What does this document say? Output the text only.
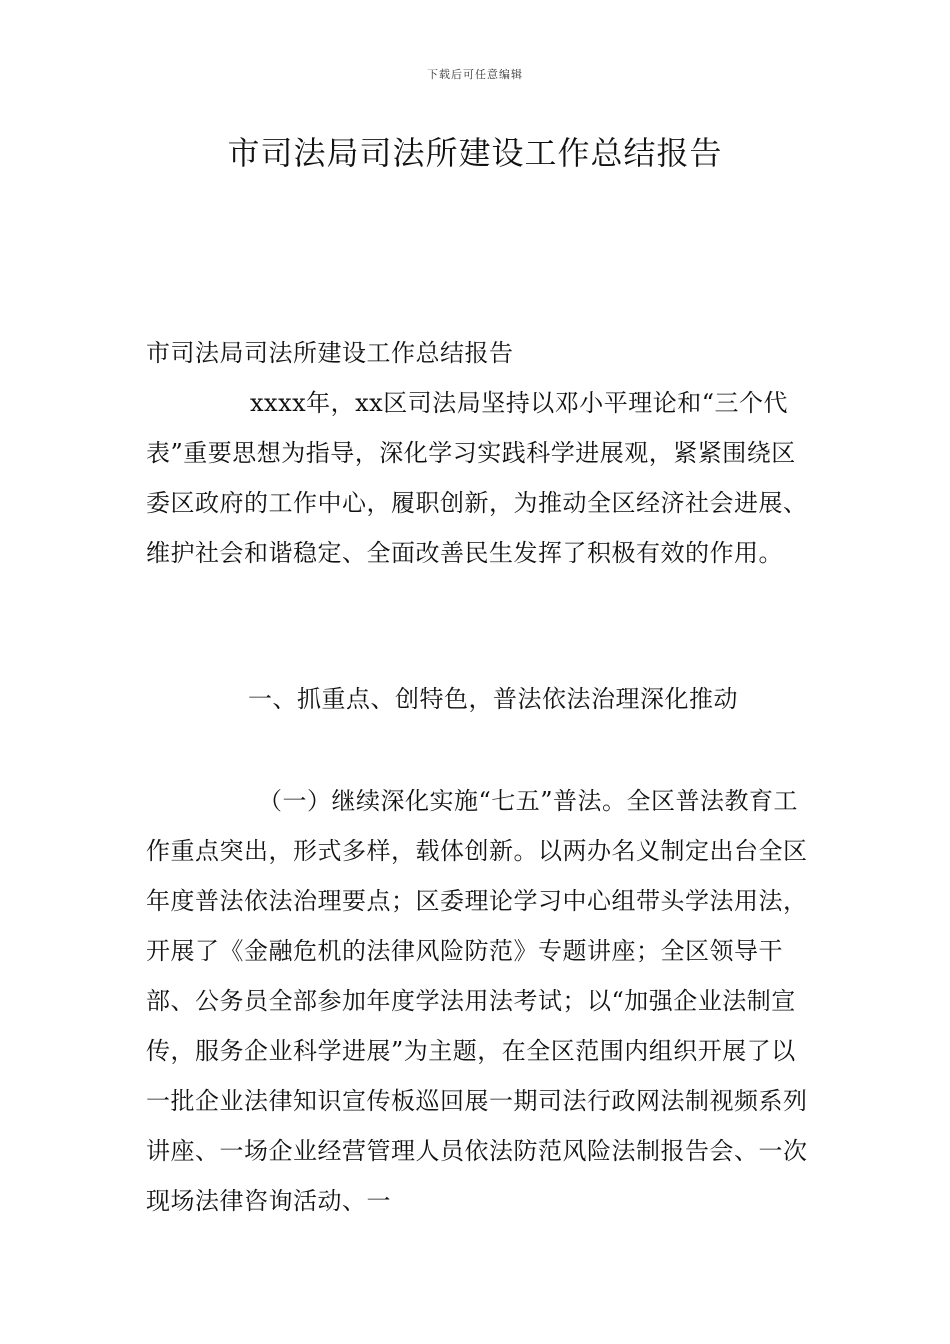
下载后可任意编辑
市司法局司法所建设工作总结报告

市司法局司法所建设工作总结报告

xxxx年，xx区司法局坚持以邓小平理论和“三个代表”重要思想为指导，深化学习实践科学进展观，紧紧围绕区委区政府的工作中心，履职创新，为推动全区经济社会进展、维护社会和谐稳定、全面改善民生发挥了积极有效的作用。

一、抓重点、创特色，普法依法治理深化推动

（一）继续深化实施“七五”普法。全区普法教育工作重点突出，形式多样，载体创新。以两办名义制定出台全区年度普法依法治理要点；区委理论学习中心组带头学法用法，开展了《金融危机的法律风险防范》专题讲座；全区领导干部、公务员全部参加年度学法用法考试；以“加强企业法制宣传，服务企业科学进展”为主题，在全区范围内组织开展了以一批企业法律知识宣传板巡回展一期司法行政网法制视频系列讲座、一场企业经营管理人员依法防范风险法制报告会、一次现场法律咨询活动、一
